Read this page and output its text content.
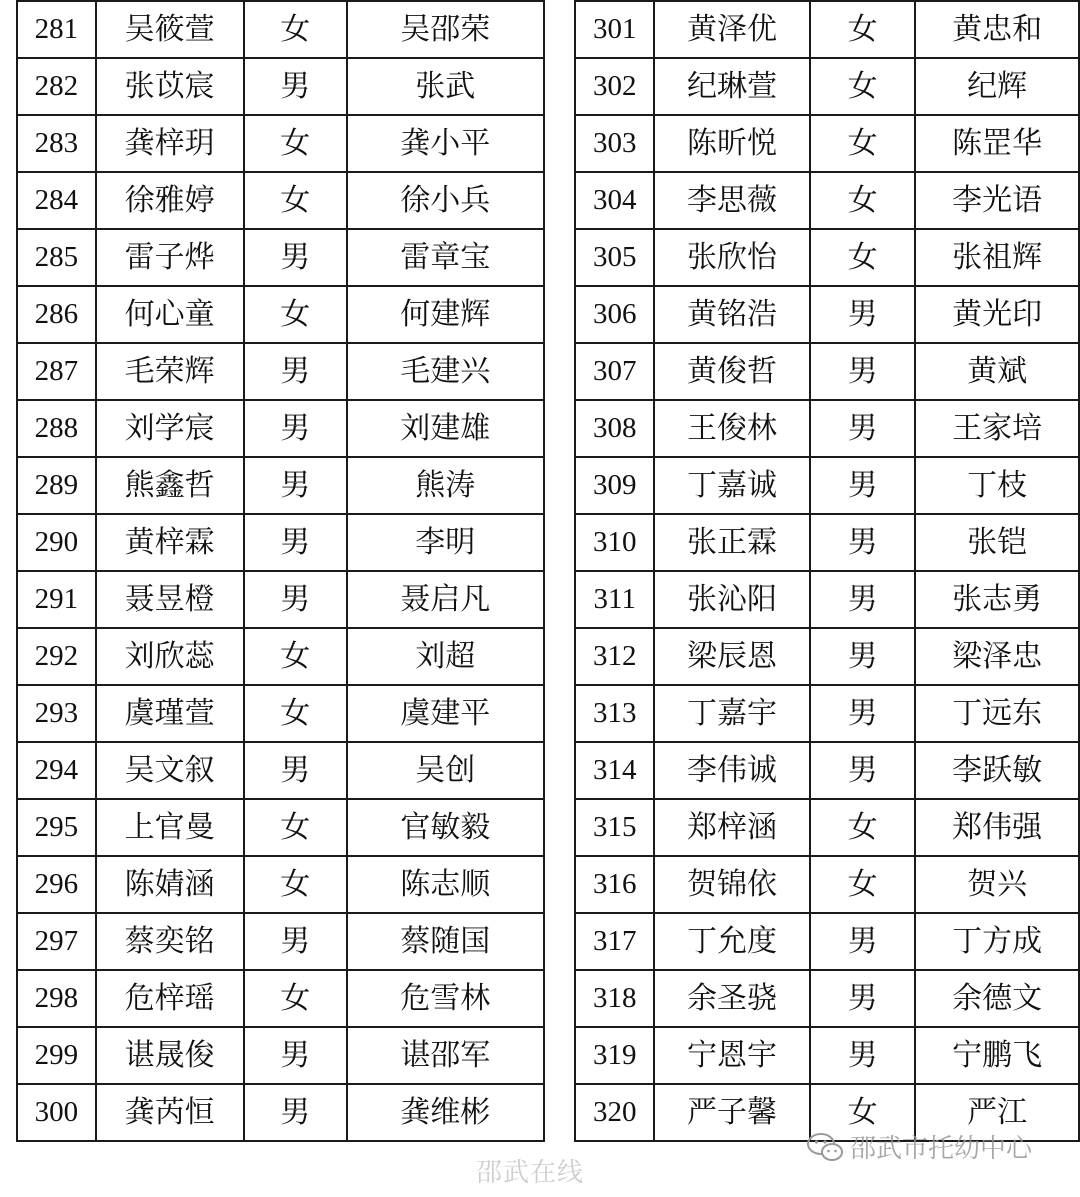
281	吴筱萱	女	吴邵荣		301	黄泽优	女	黄忠和
282	张苡宸	男	张武		302	纪琳萱	女	纪辉
283	龚梓玥	女	龚小平		303	陈昕悦	女	陈罡华
284	徐雅婷	女	徐小兵		304	李思薇	女	李光语
285	雷子烨	男	雷章宝		305	张欣怡	女	张祖辉
286	何心童	女	何建辉		306	黄铭浩	男	黄光印
287	毛荣辉	男	毛建兴		307	黄俊哲	男	黄斌
288	刘学宸	男	刘建雄		308	王俊林	男	王家培
289	熊鑫哲	男	熊涛		309	丁嘉诚	男	丁枝
290	黄梓霖	男	李明		310	张正霖	男	张铠
291	聂昱橙	男	聂启凡		311	张沁阳	男	张志勇
292	刘欣蕊	女	刘超		312	梁辰恩	男	梁泽忠
293	虞瑾萱	女	虞建平		313	丁嘉宇	男	丁远东
294	吴文叙	男	吴创		314	李伟诚	男	李跃敏
295	上官曼	女	官敏毅		315	郑梓涵	女	郑伟强
296	陈婧涵	女	陈志顺		316	贺锦依	女	贺兴
297	蔡奕铭	男	蔡随国		317	丁允度	男	丁方成
298	危梓瑶	女	危雪林		318	余圣骁	男	余德文
299	谌晟俊	男	谌邵军		319	宁恩宇	男	宁鹏飞
300	龚芮恒	男	龚维彬		320	严子馨	女	严江
邵武在线
邵武市托幼中心
